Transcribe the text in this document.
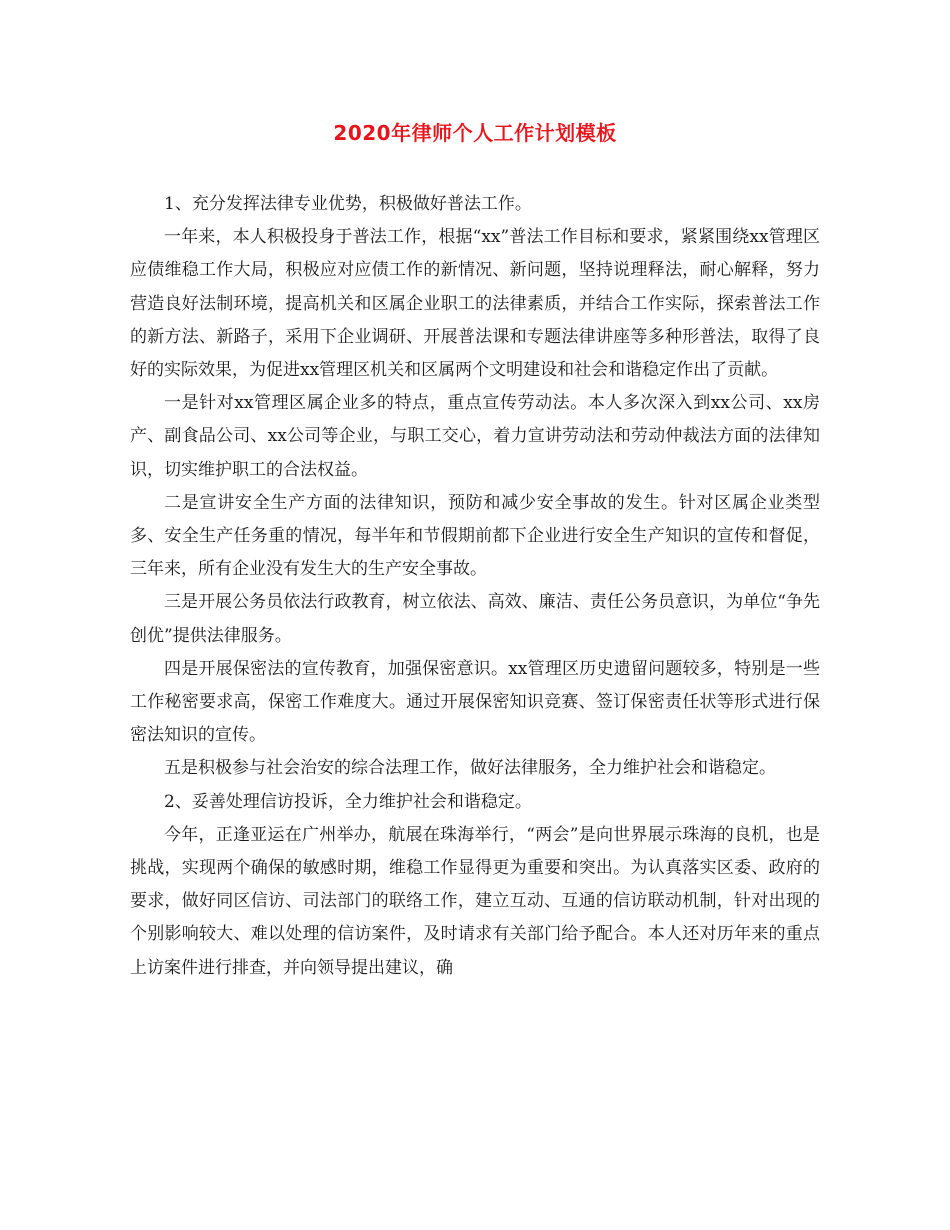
2020年律师个人工作计划模板

1、充分发挥法律专业优势，积极做好普法工作。

一年来，本人积极投身于普法工作，根据“xx”普法工作目标和要求，紧紧围绕xx管理区应债维稳工作大局，积极应对应债工作的新情况、新问题，坚持说理释法，耐心解释，努力营造良好法制环境，提高机关和区属企业职工的法律素质，并结合工作实际，探索普法工作的新方法、新路子，采用下企业调研、开展普法课和专题法律讲座等多种形普法，取得了良好的实际效果，为促进xx管理区机关和区属两个文明建设和社会和谐稳定作出了贡献。

一是针对xx管理区属企业多的特点，重点宣传劳动法。本人多次深入到xx公司、xx房产、副食品公司、xx公司等企业，与职工交心，着力宣讲劳动法和劳动仲裁法方面的法律知识，切实维护职工的合法权益。

二是宣讲安全生产方面的法律知识，预防和减少安全事故的发生。针对区属企业类型多、安全生产任务重的情况，每半年和节假期前都下企业进行安全生产知识的宣传和督促，三年来，所有企业没有发生大的生产安全事故。

三是开展公务员依法行政教育，树立依法、高效、廉洁、责任公务员意识，为单位“争先创优”提供法律服务。

四是开展保密法的宣传教育，加强保密意识。xx管理区历史遗留问题较多，特别是一些工作秘密要求高，保密工作难度大。通过开展保密知识竞赛、签订保密责任状等形式进行保密法知识的宣传。

五是积极参与社会治安的综合法理工作，做好法律服务，全力维护社会和谐稳定。

2、妥善处理信访投诉，全力维护社会和谐稳定。

今年，正逢亚运在广州举办，航展在珠海举行，“两会”是向世界展示珠海的良机，也是挑战，实现两个确保的敏感时期，维稳工作显得更为重要和突出。为认真落实区委、政府的要求，做好同区信访、司法部门的联络工作，建立互动、互通的信访联动机制，针对出现的个别影响较大、难以处理的信访案件，及时请求有关部门给予配合。本人还对历年来的重点上访案件进行排查，并向领导提出建议，确
